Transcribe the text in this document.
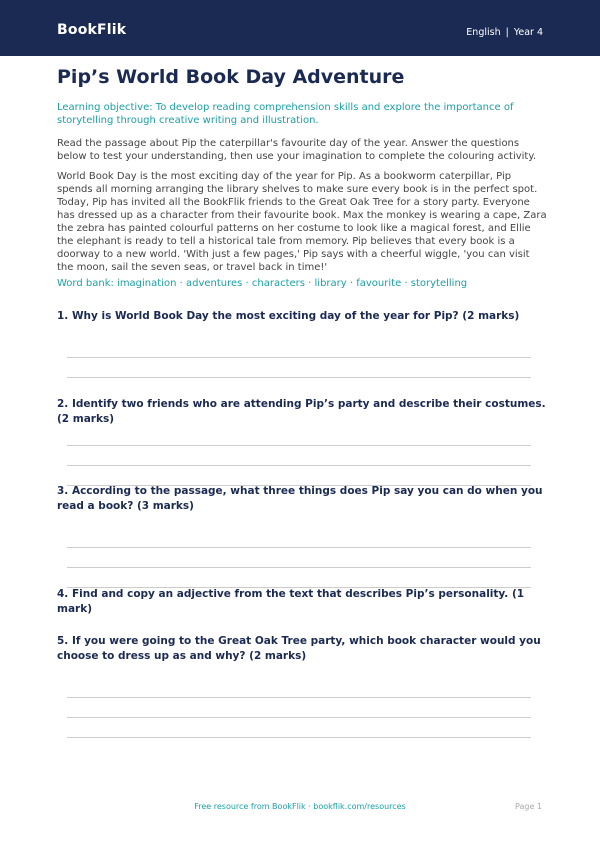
BookFlik	English | Year 4
Pip’s World Book Day Adventure
Learning objective: To develop reading comprehension skills and explore the importance of storytelling through creative writing and illustration.
Read the passage about Pip the caterpillar's favourite day of the year. Answer the questions below to test your understanding, then use your imagination to complete the colouring activity.
World Book Day is the most exciting day of the year for Pip. As a bookworm caterpillar, Pip spends all morning arranging the library shelves to make sure every book is in the perfect spot. Today, Pip has invited all the BookFlik friends to the Great Oak Tree for a story party. Everyone has dressed up as a character from their favourite book. Max the monkey is wearing a cape, Zara the zebra has painted colourful patterns on her costume to look like a magical forest, and Ellie the elephant is ready to tell a historical tale from memory. Pip believes that every book is a doorway to a new world. 'With just a few pages,' Pip says with a cheerful wiggle, 'you can visit the moon, sail the seven seas, or travel back in time!'
Word bank: imagination · adventures · characters · library · favourite · storytelling
1. Why is World Book Day the most exciting day of the year for Pip? (2 marks)
2. Identify two friends who are attending Pip’s party and describe their costumes. (2 marks)
3. According to the passage, what three things does Pip say you can do when you read a book? (3 marks)
4. Find and copy an adjective from the text that describes Pip’s personality. (1 mark)
5. If you were going to the Great Oak Tree party, which book character would you choose to dress up as and why? (2 marks)
Free resource from BookFlik · bookflik.com/resources	Page 1
